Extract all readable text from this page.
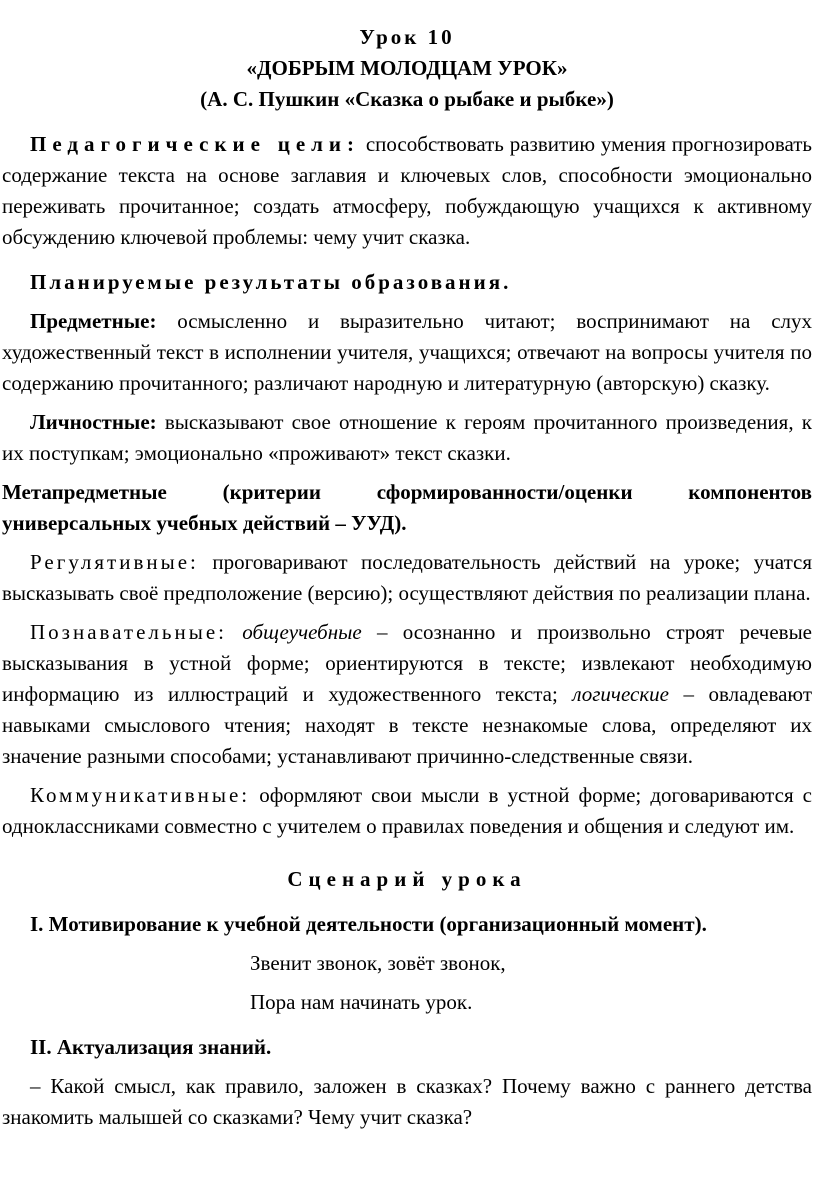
Урок 10
«ДОБРЫМ МОЛОДЦАМ УРОК»
(А. С. Пушкин «Сказка о рыбаке и рыбке»)

Педагогические цели: способствовать развитию умения прогнозировать содержание текста на основе заглавия и ключевых слов, способности эмоционально переживать прочитанное; создать атмосферу, побуждающую учащихся к активному обсуждению ключевой проблемы: чему учит сказка.

Планируемые результаты образования.

Предметные: осмысленно и выразительно читают; воспринимают на слух художественный текст в исполнении учителя, учащихся; отвечают на вопросы учителя по содержанию прочитанного; различают народную и литературную (авторскую) сказку.

Личностные: высказывают свое отношение к героям прочитанного произведения, к их поступкам; эмоционально «проживают» текст сказки.

Метапредметные (критерии сформированности/оценки компонентов универсальных учебных действий – УУД).

Регулятивные: проговаривают последовательность действий на уроке; учатся высказывать своё предположение (версию); осуществляют действия по реализации плана.

Познавательные: общеучебные – осознанно и произвольно строят речевые высказывания в устной форме; ориентируются в тексте; извлекают необходимую информацию из иллюстраций и художественного текста; логические – овладевают навыками смыслового чтения; находят в тексте незнакомые слова, определяют их значение разными способами; устанавливают причинно-следственные связи.

Коммуникативные: оформляют свои мысли в устной форме; договариваются с одноклассниками совместно с учителем о правилах поведения и общения и следуют им.

Сценарий урока

I. Мотивирование к учебной деятельности (организационный момент).

Звенит звонок, зовёт звонок,

Пора нам начинать урок.

II. Актуализация знаний.

– Какой смысл, как правило, заложен в сказках? Почему важно с раннего детства знакомить малышей со сказками? Чему учит сказка?
